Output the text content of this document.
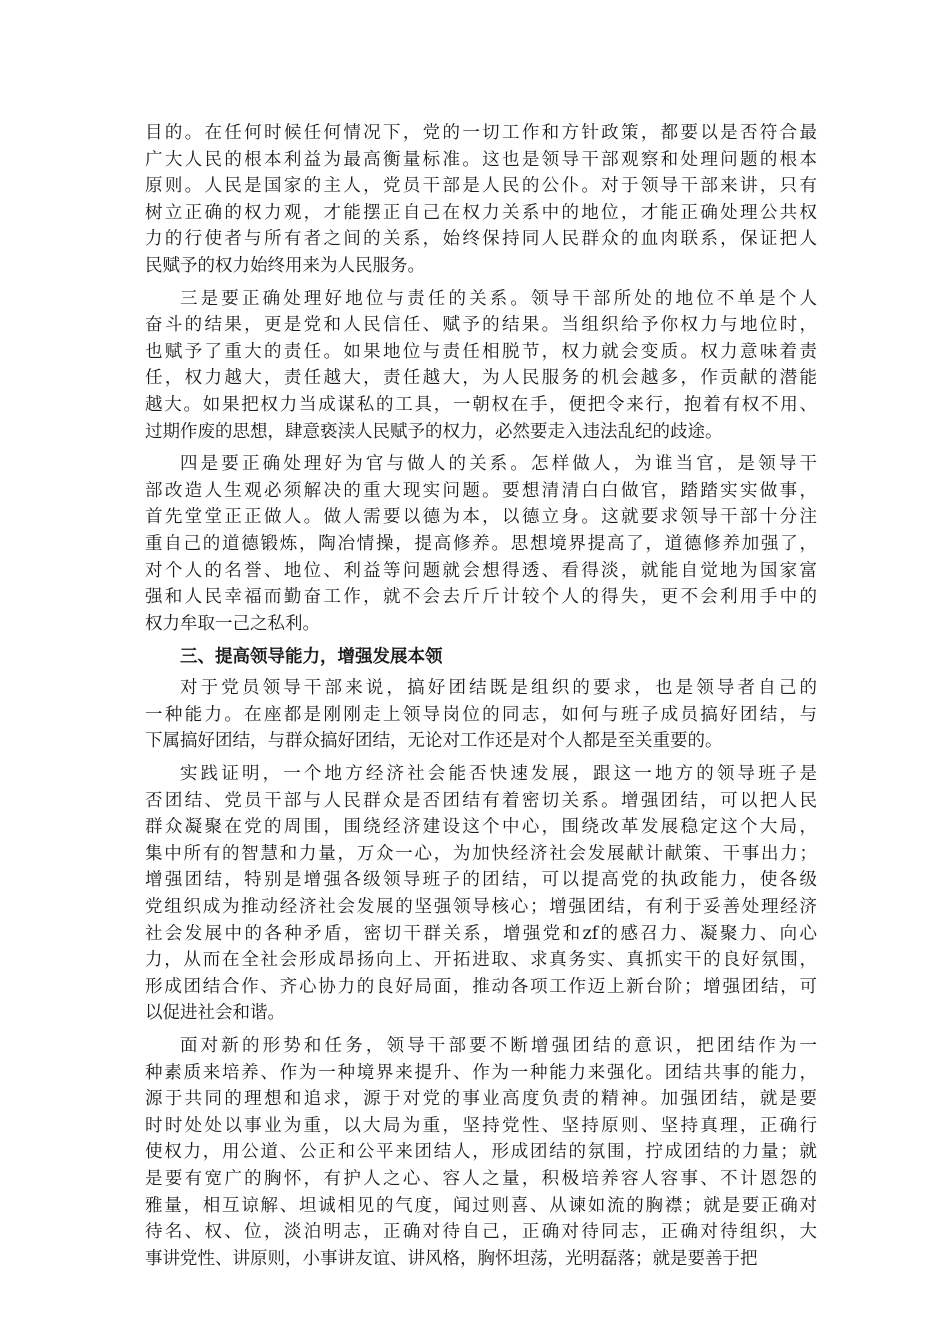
目的。在任何时候任何情况下，党的一切工作和方针政策，都要以是否符合最
广大人民的根本利益为最高衡量标准。这也是领导干部观察和处理问题的根本
原则。人民是国家的主人，党员干部是人民的公仆。对于领导干部来讲，只有
树立正确的权力观，才能摆正自己在权力关系中的地位，才能正确处理公共权
力的行使者与所有者之间的关系，始终保持同人民群众的血肉联系，保证把人
民赋予的权力始终用来为人民服务。
三是要正确处理好地位与责任的关系。领导干部所处的地位不单是个人
奋斗的结果，更是党和人民信任、赋予的结果。当组织给予你权力与地位时，
也赋予了重大的责任。如果地位与责任相脱节，权力就会变质。权力意味着责
任，权力越大，责任越大，责任越大，为人民服务的机会越多，作贡献的潜能
越大。如果把权力当成谋私的工具，一朝权在手，便把令来行，抱着有权不用、
过期作废的思想，肆意亵渎人民赋予的权力，必然要走入违法乱纪的歧途。
四是要正确处理好为官与做人的关系。怎样做人，为谁当官，是领导干
部改造人生观必须解决的重大现实问题。要想清清白白做官，踏踏实实做事，
首先堂堂正正做人。做人需要以德为本，以德立身。这就要求领导干部十分注
重自己的道德锻炼，陶冶情操，提高修养。思想境界提高了，道德修养加强了，
对个人的名誉、地位、利益等问题就会想得透、看得淡，就能自觉地为国家富
强和人民幸福而勤奋工作，就不会去斤斤计较个人的得失，更不会利用手中的
权力牟取一己之私利。
三、提高领导能力，增强发展本领
对于党员领导干部来说，搞好团结既是组织的要求，也是领导者自己的
一种能力。在座都是刚刚走上领导岗位的同志，如何与班子成员搞好团结，与
下属搞好团结，与群众搞好团结，无论对工作还是对个人都是至关重要的。
实践证明，一个地方经济社会能否快速发展，跟这一地方的领导班子是
否团结、党员干部与人民群众是否团结有着密切关系。增强团结，可以把人民
群众凝聚在党的周围，围绕经济建设这个中心，围绕改革发展稳定这个大局，
集中所有的智慧和力量，万众一心，为加快经济社会发展献计献策、干事出力；
增强团结，特别是增强各级领导班子的团结，可以提高党的执政能力，使各级
党组织成为推动经济社会发展的坚强领导核心；增强团结，有利于妥善处理经济
社会发展中的各种矛盾，密切干群关系，增强党和zf的感召力、凝聚力、向心
力，从而在全社会形成昂扬向上、开拓进取、求真务实、真抓实干的良好氛围，
形成团结合作、齐心协力的良好局面，推动各项工作迈上新台阶；增强团结，可
以促进社会和谐。
面对新的形势和任务，领导干部要不断增强团结的意识，把团结作为一
种素质来培养、作为一种境界来提升、作为一种能力来强化。团结共事的能力，
源于共同的理想和追求，源于对党的事业高度负责的精神。加强团结，就是要
时时处处以事业为重，以大局为重，坚持党性、坚持原则、坚持真理，正确行
使权力，用公道、公正和公平来团结人，形成团结的氛围，拧成团结的力量；就
是要有宽广的胸怀，有护人之心、容人之量，积极培养容人容事、不计恩怨的
雅量，相互谅解、坦诚相见的气度，闻过则喜、从谏如流的胸襟；就是要正确对
待名、权、位，淡泊明志，正确对待自己，正确对待同志，正确对待组织，大
事讲党性、讲原则，小事讲友谊、讲风格，胸怀坦荡，光明磊落；就是要善于把
